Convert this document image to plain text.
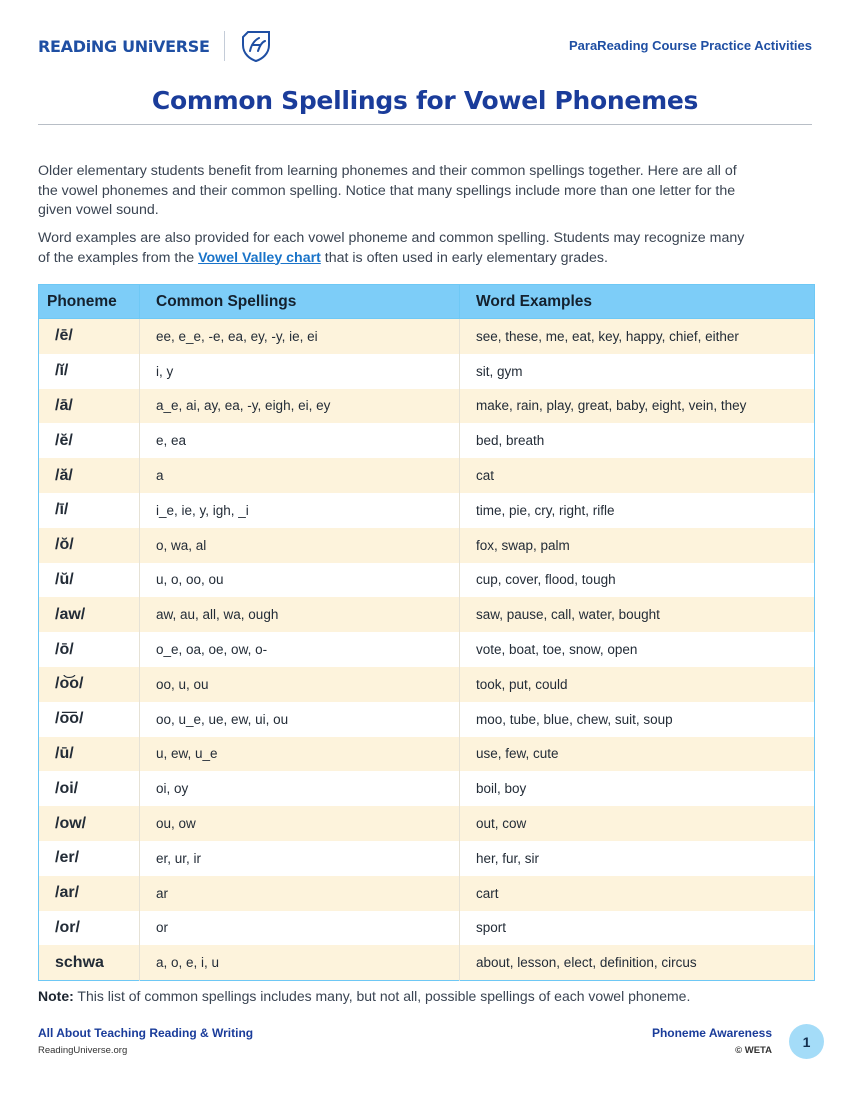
READiNG UNiVERSE	ParaReading Course Practice Activities
Common Spellings for Vowel Phonemes

Older elementary students benefit from learning phonemes and their common spellings together. Here are all of the vowel phonemes and their common spelling. Notice that many spellings include more than one letter for the given vowel sound.

Word examples are also provided for each vowel phoneme and common spelling. Students may recognize many of the examples from the Vowel Valley chart that is often used in early elementary grades.

Phoneme	Common Spellings	Word Examples
/ē/	ee, e_e, -e, ea, ey, -y, ie, ei	see, these, me, eat, key, happy, chief, either
/ĭ/	i, y	sit, gym
/ā/	a_e, ai, ay, ea, -y, eigh, ei, ey	make, rain, play, great, baby, eight, vein, they
/ĕ/	e, ea	bed, breath
/ă/	a	cat
/ī/	i_e, ie, y, igh, _i	time, pie, cry, right, rifle
/ŏ/	o, wa, al	fox, swap, palm
/ŭ/	u, o, oo, ou	cup, cover, flood, tough
/aw/	aw, au, all, wa, ough	saw, pause, call, water, bought
/ō/	o_e, oa, oe, ow, o-	vote, boat, toe, snow, open
/o͝o/	oo, u, ou	took, put, could
/o͞o/	oo, u_e, ue, ew, ui, ou	moo, tube, blue, chew, suit, soup
/ū/	u, ew, u_e	use, few, cute
/oi/	oi, oy	boil, boy
/ow/	ou, ow	out, cow
/er/	er, ur, ir	her, fur, sir
/ar/	ar	cart
/or/	or	sport
schwa	a, o, e, i, u	about, lesson, elect, definition, circus

Note: This list of common spellings includes many, but not all, possible spellings of each vowel phoneme.

All About Teaching Reading & Writing
ReadingUniverse.org
Phoneme Awareness
© WETA
1
